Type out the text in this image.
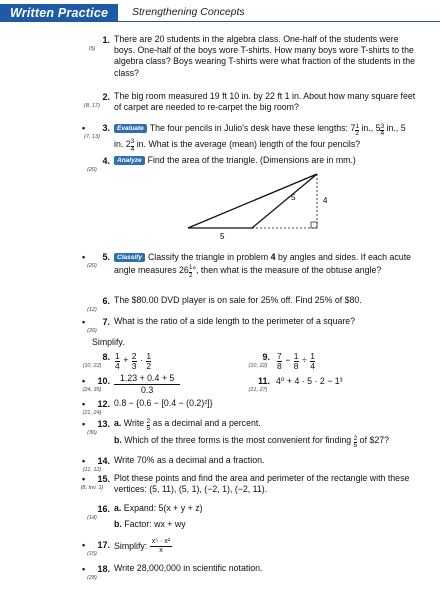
Written Practice	Strengthening Concepts
1.
(5)
There are 20 students in the algebra class. One-half of the students were boys. One-half of the boys wore T-shirts. How many boys wore T-shirts to the algebra class? Boys wearing T-shirts were what fraction of the students in the class?
2.
(8, 17)
The big room measured 19 ft 10 in. by 22 ft 1 in. About how many square feet of carpet are needed to re-carpet the big room?
•	3.
(7, 13)
Evaluate The four pencils in Julio's desk have these lengths: $7 \frac{1}{2}$ in., $5 \frac{3}{4}$ in., 5 in. $2 \frac{3}{4}$ in. What is the average (mean) length of the four pencils?
4.
(20)
Analyze Find the area of the triangle. (Dimensions are in mm.)
5	4
5
•	5.
(20)
Classify Classify the triangle in problem 4 by angles and sides. If each acute angle measures $26 \frac{1}{2}$ °, then what is the measure of the obtuse angle?
6.
(12)
The $80.00 DVD player is on sale for 25% off. Find 25% of $80.
•	7.
(20)
What is the ratio of a side length to the perimeter of a square?
Simplify.
8.
(10, 22)	$\frac{1}{4} + \frac{2}{3} \cdot \frac{1}{2}$	9.
(10, 22)	$\frac{7}{8} - \frac{1}{8} \div \frac{1}{4}$
•	10.
(24, 35)	$\frac{1.23 + 0.4 + 5}{0.3}$	11.
(21, 27)
4⁰ + 4 · 5 · 2 − 1³
•	12.
(21, 24)
0.8 − {0.6 − [0.4 − (0.2)²]}
•	13.
(30)
a. Write $\frac{2}{5}$ as a decimal and a percent.
b. Which of the three forms is the most convenient for finding $\frac{2}{5}$ of $27?
•	14.
(11, 12)
Write 70% as a decimal and a fraction.
•	15.
(8, Inv. 1)
Plot these points and find the area and perimeter of the rectangle with these vertices: (5, 11), (5, 1), (−2, 1), (−2, 11).
16.
(14)
a. Expand: 5(x + y + z)
b. Factor: wx + wy
•	17.
(15)
Simplify: $\frac{\text{x⁵ · x²}}{x}$
•	18.
(28)
Write 28,000,000 in scientific notation.
